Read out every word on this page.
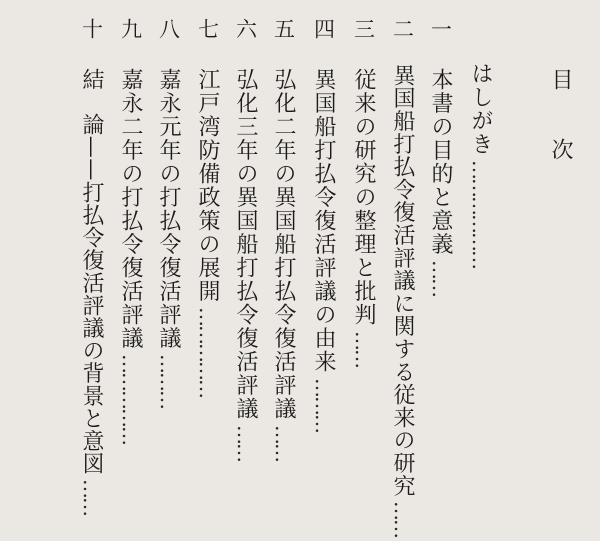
目
次
はしがき………………
一
本書の目的と意義……
二
異国船打払令復活評議に関する従来の研究……
三
従来の研究の整理と批判……
四
異国船打払令復活評議の由来………
五
弘化二年の異国船打払令復活評議……
六
弘化三年の異国船打払令復活評議……
七
江戸湾防備政策の展開……………
八
嘉永元年の打払令復活評議………
九
嘉永二年の打払令復活評議……………
十
結　論——打払令復活評議の背景と意図……
